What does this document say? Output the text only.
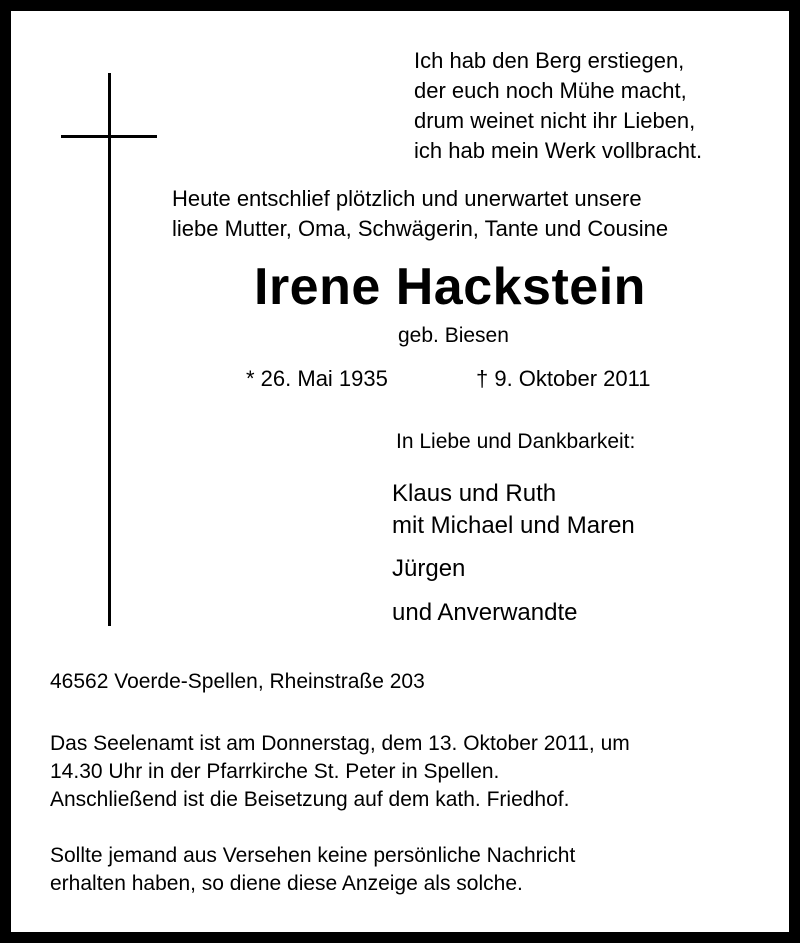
Ich hab den Berg erstiegen,
der euch noch Mühe macht,
drum weinet nicht ihr Lieben,
ich hab mein Werk vollbracht.
Heute entschlief plötzlich und unerwartet unsere
liebe Mutter, Oma, Schwägerin, Tante und Cousine
Irene Hackstein
geb. Biesen
* 26. Mai 1935	† 9. Oktober 2011
In Liebe und Dankbarkeit:
Klaus und Ruth
mit Michael und Maren
Jürgen
und Anverwandte
46562 Voerde-Spellen, Rheinstraße 203
Das Seelenamt ist am Donnerstag, dem 13. Oktober 2011, um
14.30 Uhr in der Pfarrkirche St. Peter in Spellen.
Anschließend ist die Beisetzung auf dem kath. Friedhof.
Sollte jemand aus Versehen keine persönliche Nachricht
erhalten haben, so diene diese Anzeige als solche.
